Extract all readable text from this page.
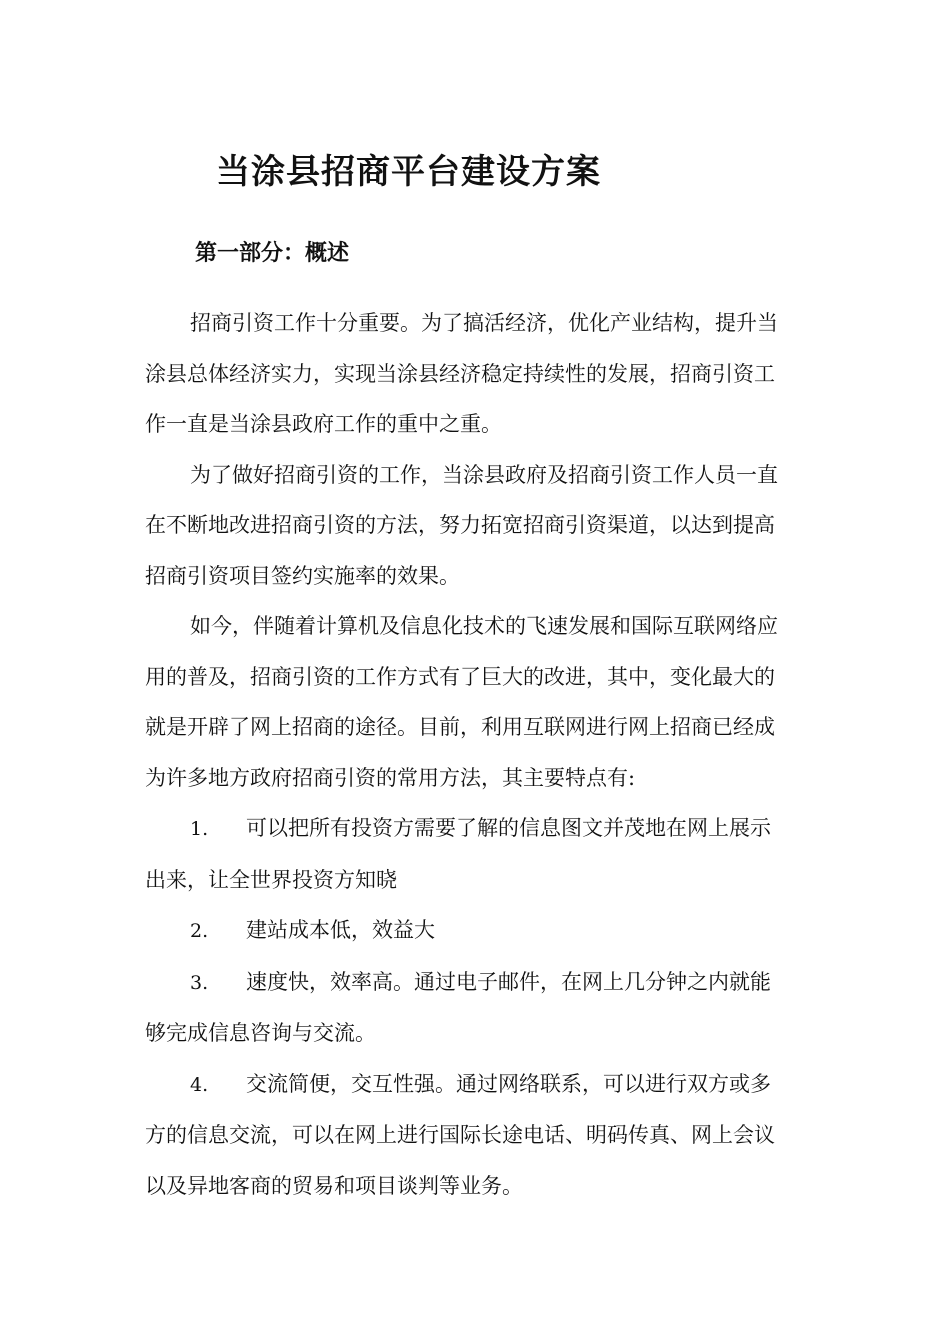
当涂县招商平台建设方案
第一部分：概述

招商引资工作十分重要。为了搞活经济，优化产业结构，提升当
涂县总体经济实力，实现当涂县经济稳定持续性的发展，招商引资工
作一直是当涂县政府工作的重中之重。

为了做好招商引资的工作，当涂县政府及招商引资工作人员一直
在不断地改进招商引资的方法，努力拓宽招商引资渠道，以达到提高
招商引资项目签约实施率的效果。

如今，伴随着计算机及信息化技术的飞速发展和国际互联网络应
用的普及，招商引资的工作方式有了巨大的改进，其中，变化最大的
就是开辟了网上招商的途径。目前，利用互联网进行网上招商已经成
为许多地方政府招商引资的常用方法，其主要特点有:

1. 可以把所有投资方需要了解的信息图文并茂地在网上展示
出来，让全世界投资方知晓
2. 建站成本低，效益大
3. 速度快，效率高。通过电子邮件，在网上几分钟之内就能
够完成信息咨询与交流。
4. 交流简便，交互性强。通过网络联系，可以进行双方或多
方的信息交流，可以在网上进行国际长途电话、明码传真、网上会议
以及异地客商的贸易和项目谈判等业务。
